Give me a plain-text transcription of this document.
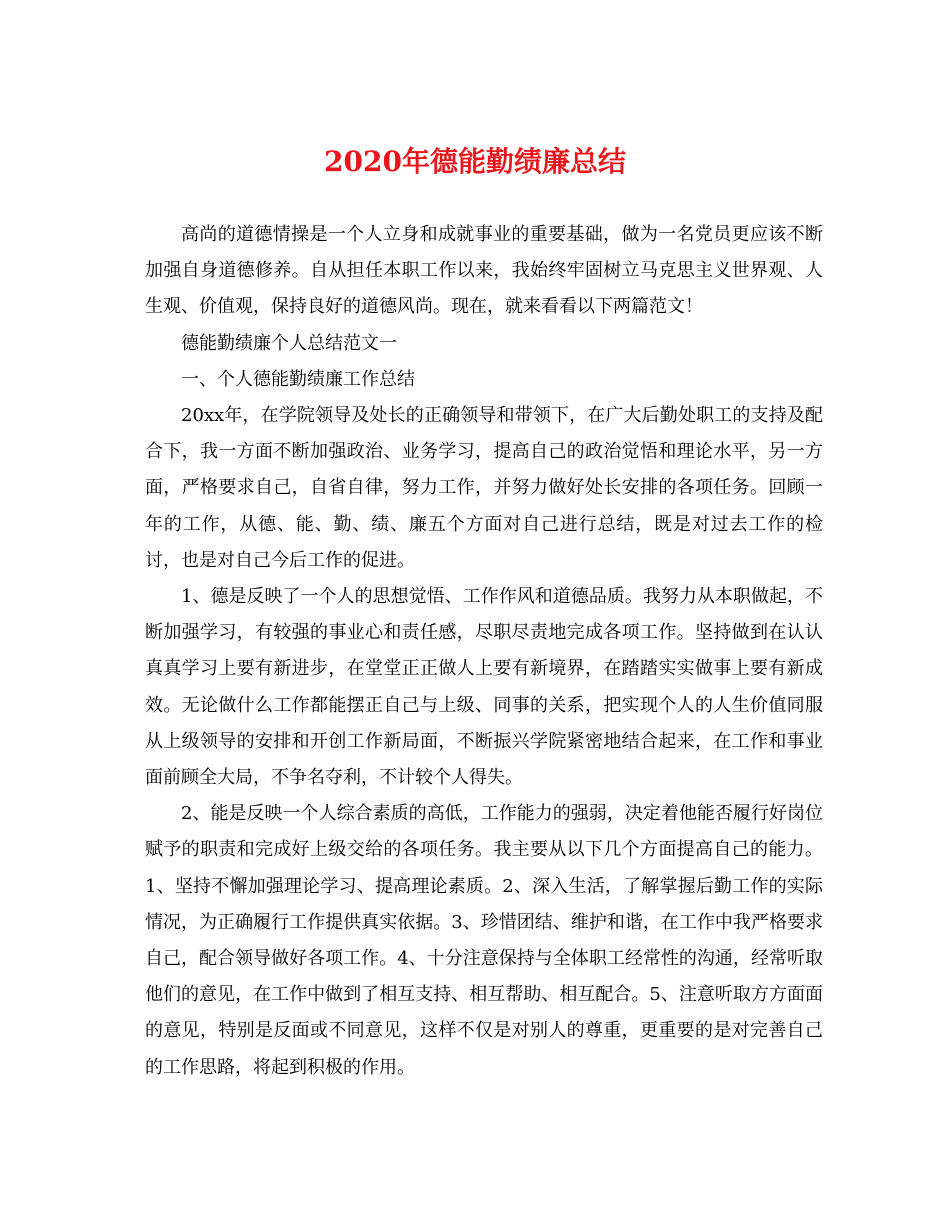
2020年德能勤绩廉总结

高尚的道德情操是一个人立身和成就事业的重要基础，做为一名党员更应该不断加强自身道德修养。自从担任本职工作以来，我始终牢固树立马克思主义世界观、人生观、价值观，保持良好的道德风尚。现在，就来看看以下两篇范文！

德能勤绩廉个人总结范文一

一、个人德能勤绩廉工作总结

20xx年，在学院领导及处长的正确领导和带领下，在广大后勤处职工的支持及配合下，我一方面不断加强政治、业务学习，提高自己的政治觉悟和理论水平，另一方面，严格要求自己，自省自律，努力工作，并努力做好处长安排的各项任务。回顾一年的工作，从德、能、勤、绩、廉五个方面对自己进行总结，既是对过去工作的检讨，也是对自己今后工作的促进。

1、德是反映了一个人的思想觉悟、工作作风和道德品质。我努力从本职做起，不断加强学习，有较强的事业心和责任感，尽职尽责地完成各项工作。坚持做到在认认真真学习上要有新进步，在堂堂正正做人上要有新境界，在踏踏实实做事上要有新成效。无论做什么工作都能摆正自己与上级、同事的关系，把实现个人的人生价值同服从上级领导的安排和开创工作新局面，不断振兴学院紧密地结合起来，在工作和事业面前顾全大局，不争名夺利，不计较个人得失。

2、能是反映一个人综合素质的高低，工作能力的强弱，决定着他能否履行好岗位赋予的职责和完成好上级交给的各项任务。我主要从以下几个方面提高自己的能力。1、坚持不懈加强理论学习、提高理论素质。2、深入生活，了解掌握后勤工作的实际情况，为正确履行工作提供真实依据。3、珍惜团结、维护和谐，在工作中我严格要求自己，配合领导做好各项工作。4、十分注意保持与全体职工经常性的沟通，经常听取他们的意见，在工作中做到了相互支持、相互帮助、相互配合。5、注意听取方方面面的意见，特别是反面或不同意见，这样不仅是对别人的尊重，更重要的是对完善自己的工作思路，将起到积极的作用。
